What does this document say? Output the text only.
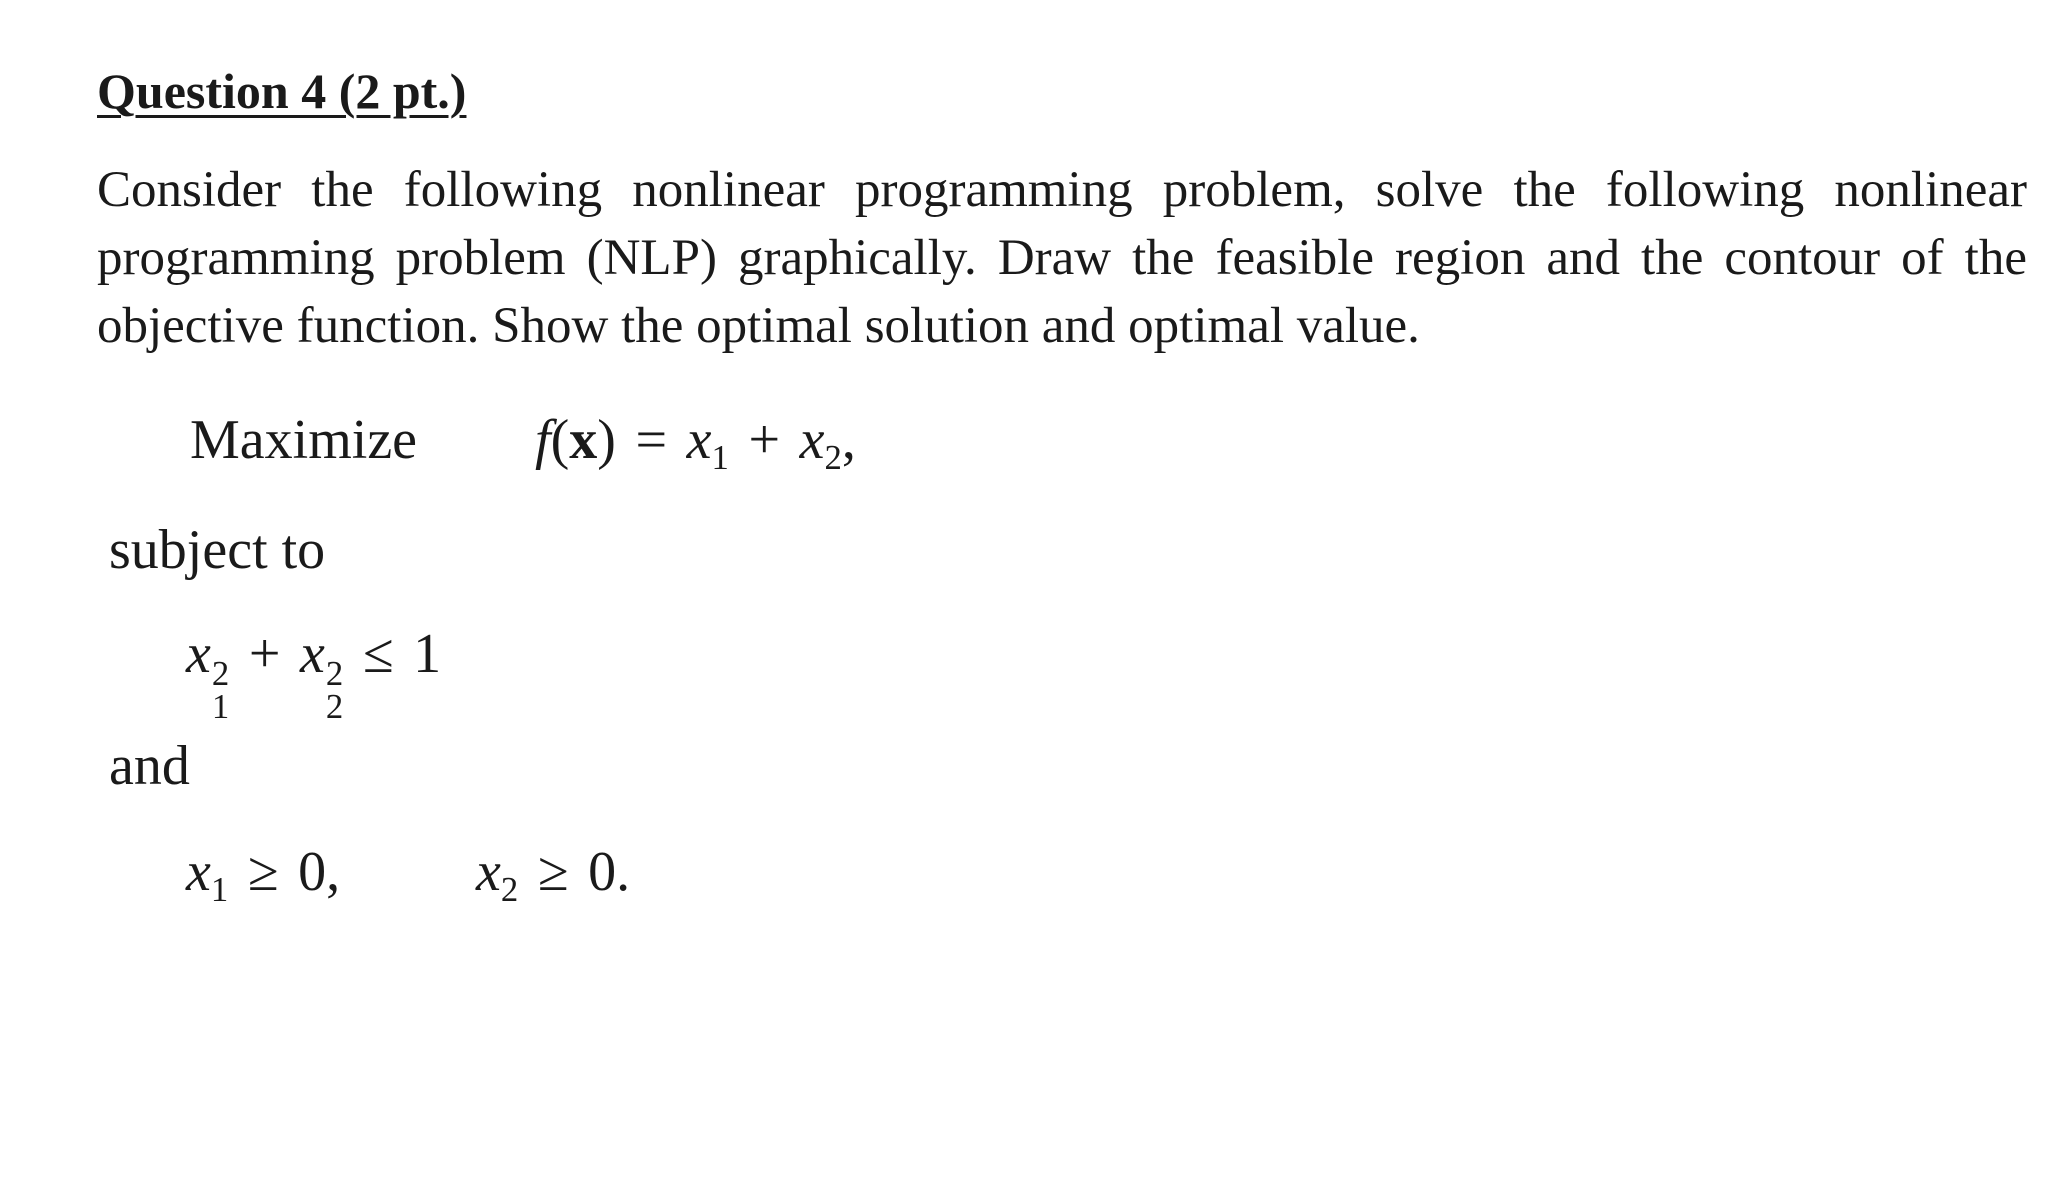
Question 4 (2 pt.)

Consider the following nonlinear programming problem, solve the following nonlinear
programming problem (NLP) graphically. Draw the feasible region and the contour of the
objective function. Show the optimal solution and optimal value.

Maximize	$f(x) = x_1 + x_2$,
subject to
x 2
1
+ x 2
2
≤ 1
and
$x_1 \ge 0$,	$x_2 \ge 0$.
